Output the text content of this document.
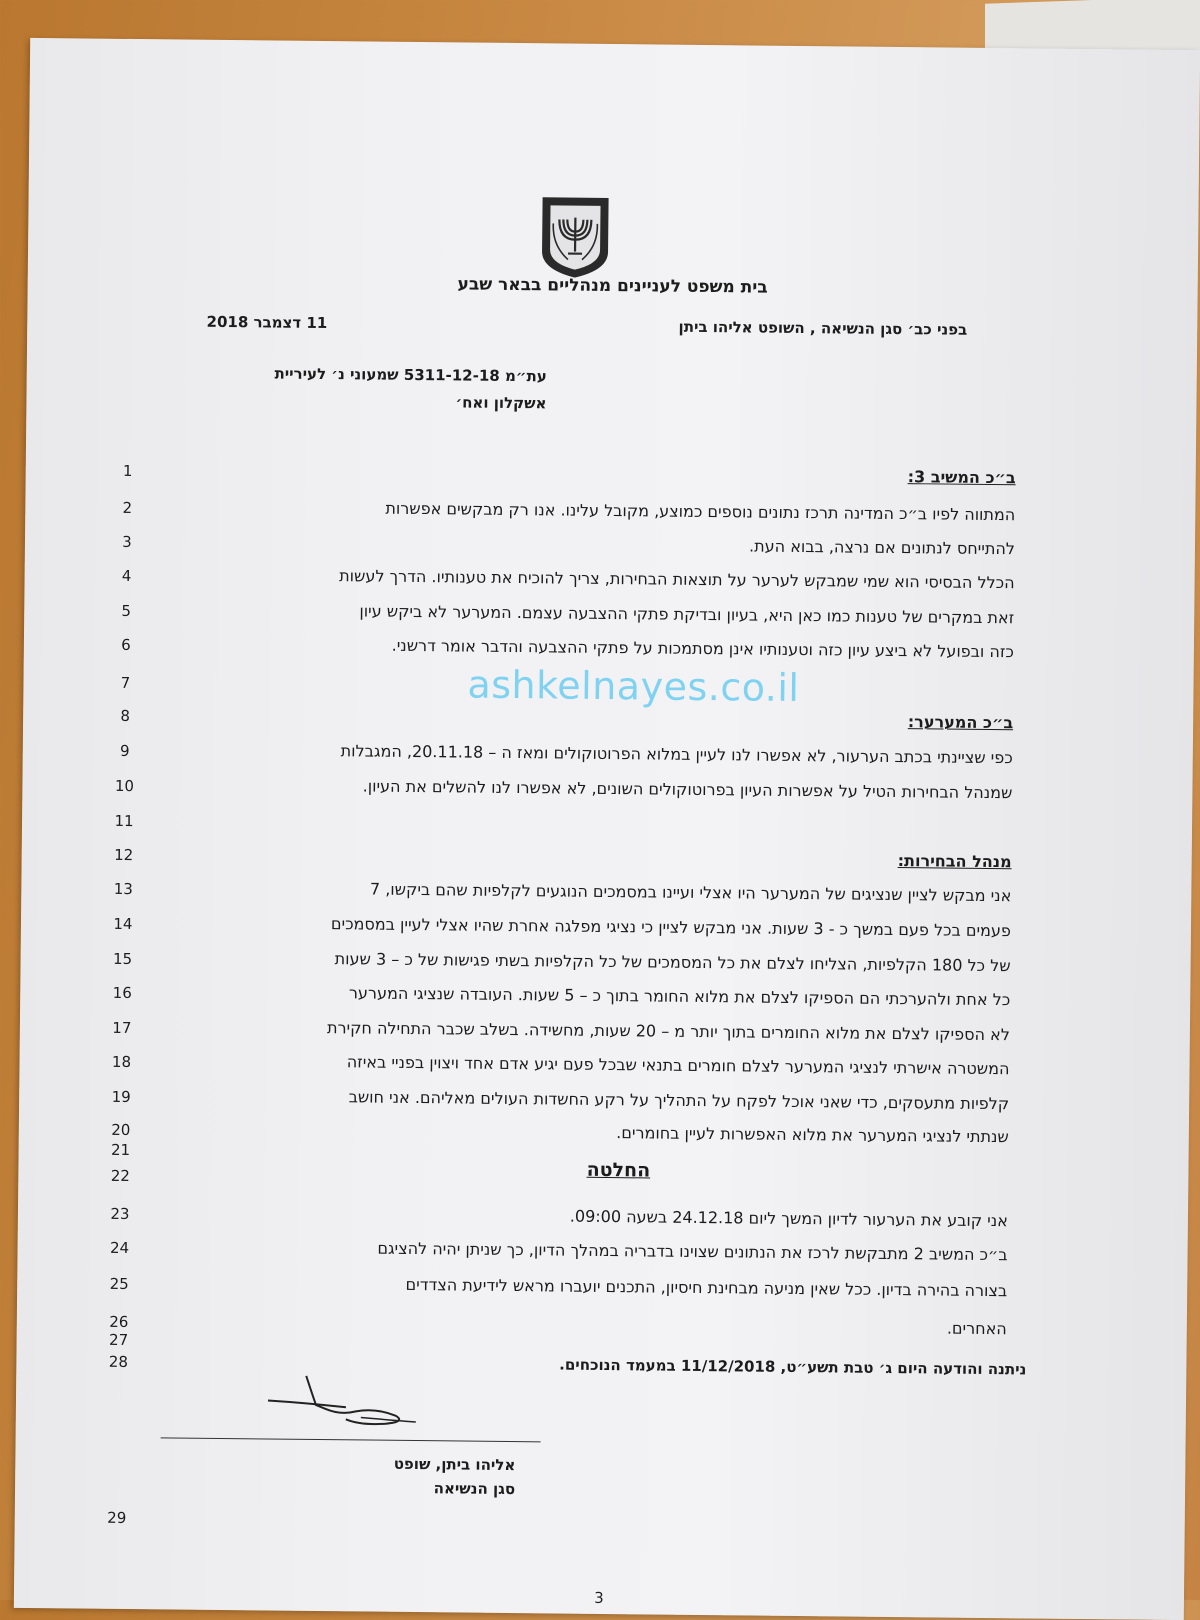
בית משפט לעניינים מנהליים בבאר שבע
בפני כב׳ סגן הנשיאה , השופט אליהו ביתן
11 דצמבר 2018
עת״מ 5311-12-18 שמעוני נ׳ לעיריית
אשקלון ואח׳
1	ב״כ המשיב 3:
2	המתווה לפיו ב״כ המדינה תרכז נתונים נוספים כמוצע, מקובל עלינו. אנו רק מבקשים אפשרות
3	להתייחס לנתונים אם נרצה, בבוא העת.
4	הכלל הבסיסי הוא שמי שמבקש לערער על תוצאות הבחירות, צריך להוכיח את טענותיו. הדרך לעשות
5	זאת במקרים של טענות כמו כאן היא, בעיון ובדיקת פתקי ההצבעה עצמם. המערער לא ביקש עיון
6	כזה ובפועל לא ביצע עיון כזה וטענותיו אינן מסתמכות על פתקי ההצבעה והדבר אומר דרשני.
7
8	ב״כ המערער:
9	כפי שציינתי בכתב הערעור, לא אפשרו לנו לעיין במלוא הפרוטוקולים ומאז ה – 20.11.18, המגבלות
10	שמנהל הבחירות הטיל על אפשרות העיון בפרוטוקולים השונים, לא אפשרו לנו להשלים את העיון.
11
12	מנהל הבחירות:
13	אני מבקש לציין שנציגים של המערער היו אצלי ועיינו במסמכים הנוגעים לקלפיות שהם ביקשו, 7
14	פעמים בכל פעם במשך כ - 3 שעות. אני מבקש לציין כי נציגי מפלגה אחרת שהיו אצלי לעיין במסמכים
15	של כל 180 הקלפיות, הצליחו לצלם את כל המסמכים של כל הקלפיות בשתי פגישות של כ – 3 שעות
16	כל אחת ולהערכתי הם הספיקו לצלם את מלוא החומר בתוך כ – 5 שעות. העובדה שנציגי המערער
17	לא הספיקו לצלם את מלוא החומרים בתוך יותר מ – 20 שעות, מחשידה. בשלב שכבר התחילה חקירת
18	המשטרה אישרתי לנציגי המערער לצלם חומרים בתנאי שבכל פעם יגיע אדם אחד ויצוין בפניי באיזה
19	קלפיות מתעסקים, כדי שאני אוכל לפקח על התהליך על רקע החשדות העולים מאליהם. אני חושב
20	שנתתי לנציגי המערער את מלוא האפשרות לעיין בחומרים.
21
22
23	אני קובע את הערעור לדיון המשך ליום 24.12.18 בשעה 09:00.
24	ב״כ המשיב 2 מתבקשת לרכז את הנתונים שצוינו בדבריה במהלך הדיון, כך שניתן יהיה להציגם
25	בצורה בהירה בדיון. ככל שאין מניעה מבחינת חיסיון, התכנים יועברו מראש לידיעת הצדדים
26	האחרים.
27
28
ashkelnayes.co.il
החלטה
ניתנה והודעה היום ג׳ טבת תשע״ט, 11/12/2018 במעמד הנוכחים.
אליהו ביתן, שופט
סגן הנשיאה
29
3
